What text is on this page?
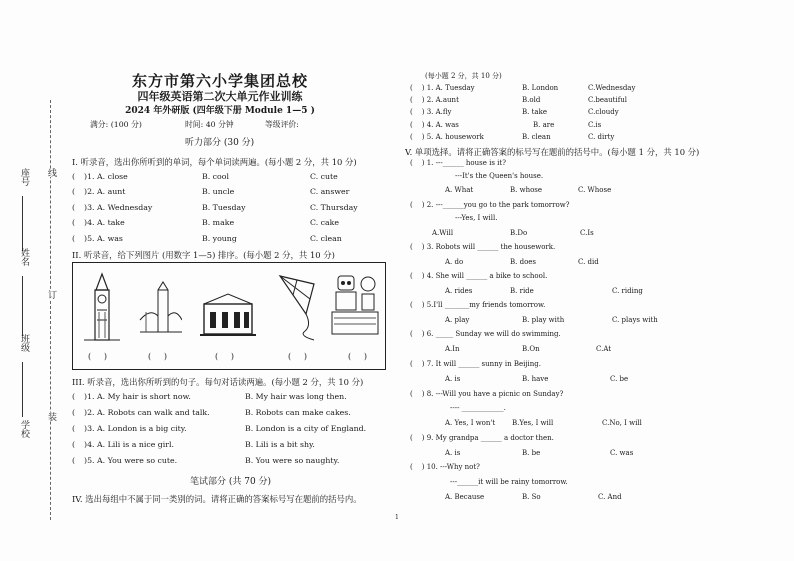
座号
姓名
班级
学校
线
订
装
东方市第六小学集团总校
四年级英语第二次大单元作业训练
2024 年外研版 (四年级下册 Module 1—5 )
满分: (100 分)	时间: 40 分钟	等级评价:
听力部分 (30 分)
I. 听录音，选出你所听到的单词，每个单词读两遍。(每小题 2 分，共 10 分)
( )1. A. close	B. cool	C. cute
( )2. A. aunt	B. uncle	C. answer
( )3. A. Wednesday	B. Tuesday	C. Thursday
( )4. A. take	B. make	C. cake
( )5. A. was	B. young	C. clean
II. 听录音，给下列图片 (用数字 1—5) 排序。(每小题 2 分，共 10 分)
(     )	(     )	(     )	(     )	(     )
III. 听录音，选出你所听到的句子。每句对话读两遍。(每小题 2 分，共 10 分)
( )1. A. My hair is short now.	B. My hair was long then.
( )2. A. Robots can walk and talk.	B. Robots can make cakes.
( )3. A. London is a big city.	B. London is a city of England.
( )4. A. Lili is a nice girl.	B. Lili is a bit shy.
( )5. A. You were so cute.	B. You were so naughty.
笔试部分 (共 70 分)
IV. 选出每组中不属于同一类别的词。请将正确的答案标号写在题前的括号内。
(每小题 2 分，共 10 分)
( ) 1. A. Tuesday	B. London	C.Wednesday
( ) 2. A.aunt	B.old	C.beautiful
( ) 3. A.fly	B. take	C.cloudy
( ) 4. A. was	B. are	C.is
( ) 5. A. housework	B. clean	C. dirty
V. 单项选择。请将正确答案的标号写在题前的括号中。(每小题 1 分，共 10 分)
( ) 1. ---______ house is it?
---It's the Queen's house.
A. What	B. whose	C. Whose
( ) 2. ---______you go to the park tomorrow?
---Yes, I will.
A.Will	B.Do	C.Is
( ) 3. Robots will ______ the housework.
A. do	B. does	C. did
( ) 4. She will ______ a bike to school.
A. rides	B. ride	C. riding
( ) 5.I'll _______my friends tomorrow.
A. play	B. play with	C. plays with
( ) 6. _____ Sunday we will do swimming.
A.In	B.On	C.At
( ) 7. It will ______ sunny in Beijing.
A. is	B. have	C. be
( ) 8. ---Will you have a picnic on Sunday?
---- ____________.
A. Yes, I won't B.Yes, I will	C.No, I will
( ) 9. My grandpa ______ a doctor then.
A. is	B. be	C. was
( ) 10. ---Why not?
---______it will be rainy tomorrow.
A. Because	B. So	C. And
1
